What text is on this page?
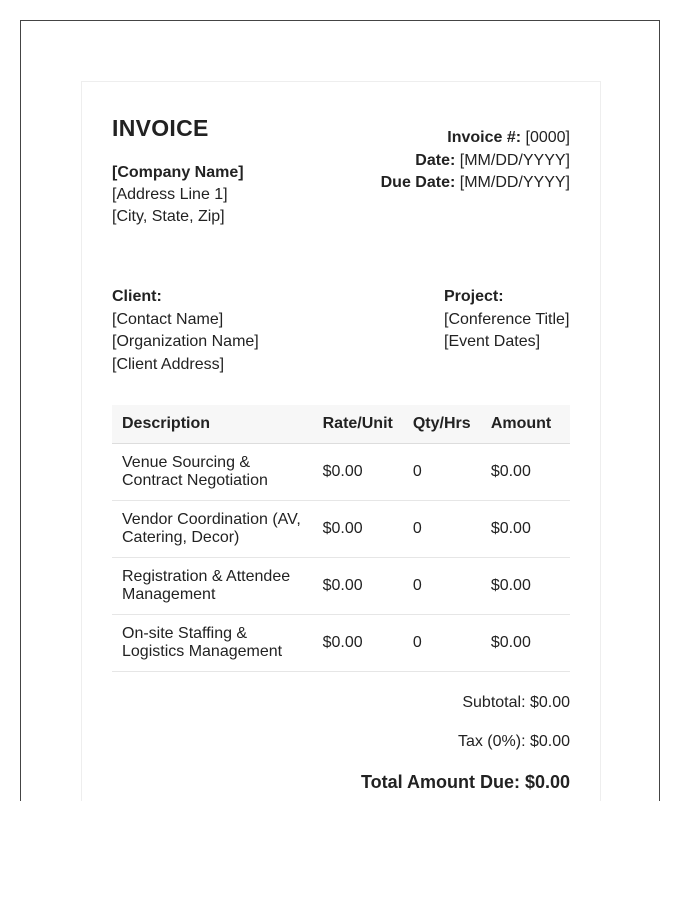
INVOICE
[Company Name]
[Address Line 1]
[City, State, Zip]
Invoice #: [0000]
Date: [MM/DD/YYYY]
Due Date: [MM/DD/YYYY]
Client:
[Contact Name]
[Organization Name]
[Client Address]
Project:
[Conference Title]
[Event Dates]
Description	Rate/Unit	Qty/Hrs	Amount
Venue Sourcing & Contract Negotiation	$0.00	0	$0.00
Vendor Coordination (AV, Catering, Decor)	$0.00	0	$0.00
Registration & Attendee Management	$0.00	0	$0.00
On-site Staffing & Logistics Management	$0.00	0	$0.00
Subtotal: $0.00
Tax (0%): $0.00
Total Amount Due: $0.00
